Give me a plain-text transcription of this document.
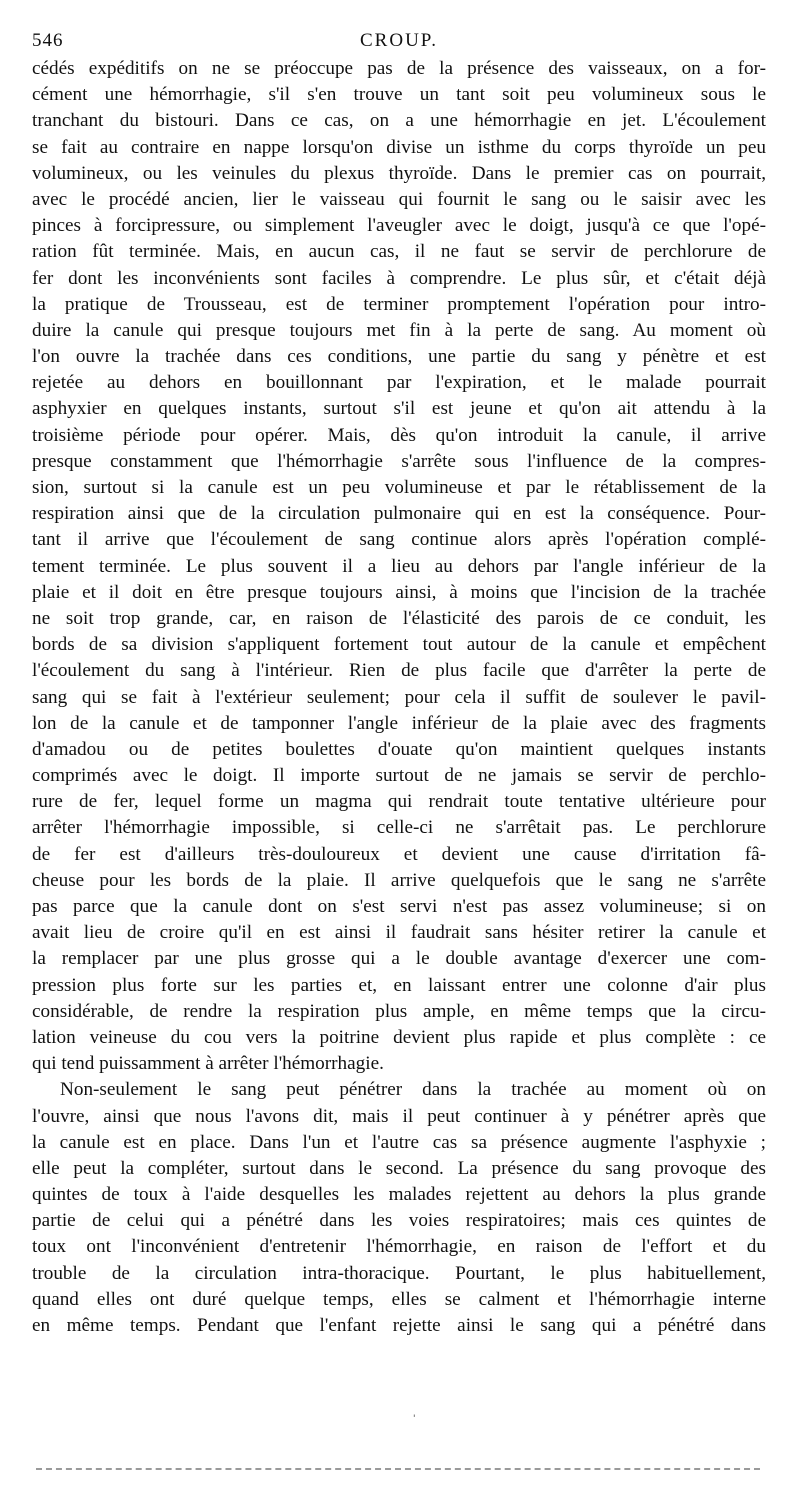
546	CROUP.
cédés expéditifs on ne se préoccupe pas de la présence des vaisseaux, on a for-
cément une hémorrhagie, s'il s'en trouve un tant soit peu volumineux sous le
tranchant du bistouri. Dans ce cas, on a une hémorrhagie en jet. L'écoulement
se fait au contraire en nappe lorsqu'on divise un isthme du corps thyroïde un peu
volumineux, ou les veinules du plexus thyroïde. Dans le premier cas on pourrait,
avec le procédé ancien, lier le vaisseau qui fournit le sang ou le saisir avec les
pinces à forcipressure, ou simplement l'aveugler avec le doigt, jusqu'à ce que l'opé-
ration fût terminée. Mais, en aucun cas, il ne faut se servir de perchlorure de
fer dont les inconvénients sont faciles à comprendre. Le plus sûr, et c'était déjà
la pratique de Trousseau, est de terminer promptement l'opération pour intro-
duire la canule qui presque toujours met fin à la perte de sang. Au moment où
l'on ouvre la trachée dans ces conditions, une partie du sang y pénètre et est
rejetée au dehors en bouillonnant par l'expiration, et le malade pourrait
asphyxier en quelques instants, surtout s'il est jeune et qu'on ait attendu à la
troisième période pour opérer. Mais, dès qu'on introduit la canule, il arrive
presque constamment que l'hémorrhagie s'arrête sous l'influence de la compres-
sion, surtout si la canule est un peu volumineuse et par le rétablissement de la
respiration ainsi que de la circulation pulmonaire qui en est la conséquence. Pour-
tant il arrive que l'écoulement de sang continue alors après l'opération complé-
tement terminée. Le plus souvent il a lieu au dehors par l'angle inférieur de la
plaie et il doit en être presque toujours ainsi, à moins que l'incision de la trachée
ne soit trop grande, car, en raison de l'élasticité des parois de ce conduit, les
bords de sa division s'appliquent fortement tout autour de la canule et empêchent
l'écoulement du sang à l'intérieur. Rien de plus facile que d'arrêter la perte de
sang qui se fait à l'extérieur seulement; pour cela il suffit de soulever le pavil-
lon de la canule et de tamponner l'angle inférieur de la plaie avec des fragments
d'amadou ou de petites boulettes d'ouate qu'on maintient quelques instants
comprimés avec le doigt. Il importe surtout de ne jamais se servir de perchlo-
rure de fer, lequel forme un magma qui rendrait toute tentative ultérieure pour
arrêter l'hémorrhagie impossible, si celle-ci ne s'arrêtait pas. Le perchlorure
de fer est d'ailleurs très-douloureux et devient une cause d'irritation fâ-
cheuse pour les bords de la plaie. Il arrive quelquefois que le sang ne s'arrête
pas parce que la canule dont on s'est servi n'est pas assez volumineuse; si on
avait lieu de croire qu'il en est ainsi il faudrait sans hésiter retirer la canule et
la remplacer par une plus grosse qui a le double avantage d'exercer une com-
pression plus forte sur les parties et, en laissant entrer une colonne d'air plus
considérable, de rendre la respiration plus ample, en même temps que la circu-
lation veineuse du cou vers la poitrine devient plus rapide et plus complète : ce
qui tend puissamment à arrêter l'hémorrhagie.
Non-seulement le sang peut pénétrer dans la trachée au moment où on
l'ouvre, ainsi que nous l'avons dit, mais il peut continuer à y pénétrer après que
la canule est en place. Dans l'un et l'autre cas sa présence augmente l'asphyxie ;
elle peut la compléter, surtout dans le second. La présence du sang provoque des
quintes de toux à l'aide desquelles les malades rejettent au dehors la plus grande
partie de celui qui a pénétré dans les voies respiratoires; mais ces quintes de
toux ont l'inconvénient d'entretenir l'hémorrhagie, en raison de l'effort et du
trouble de la circulation intra-thoracique. Pourtant, le plus habituellement,
quand elles ont duré quelque temps, elles se calment et l'hémorrhagie interne
en même temps. Pendant que l'enfant rejette ainsi le sang qui a pénétré dans
'
